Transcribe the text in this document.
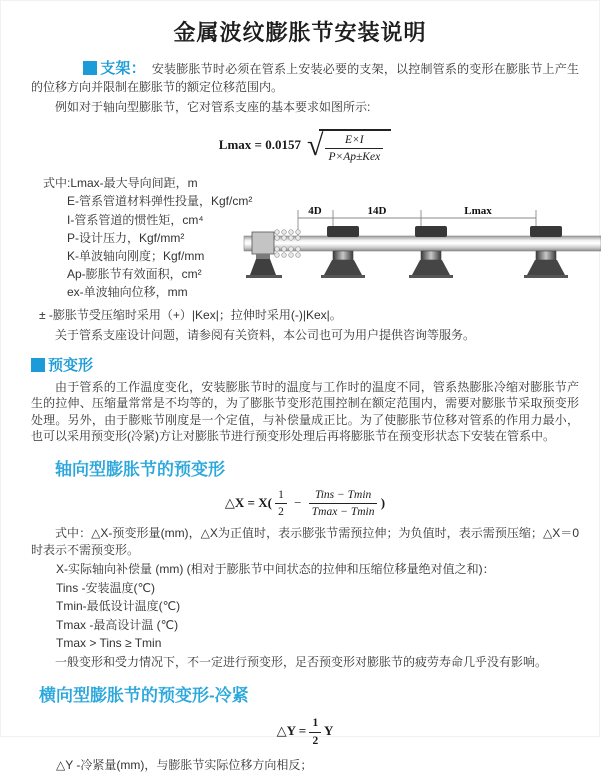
金属波纹膨胀节安装说明

支架： 安装膨胀节时必须在管系上安装必要的支架，以控制管系的变形在膨胀节上产生的位移方向并限制在膨胀节的额定位移范围内。

例如对于轴向型膨胀节，它对管系支座的基本要求如图所示:

Lmax = 0.0157 √ $\frac{E\times I}{\text{P×Ap±Kex}}$
式中:Lmax-最大导向间距，m
E-管系管道材料弹性投量，Kgf/cm²
I-管系管道的惯性矩，cm⁴
P-设计压力，Kgf/mm²
K-单波轴向刚度；Kgf/mm
Ap-膨胀节有效面积，cm²
ex-单波轴向位移，mm

± -膨胀节受压缩时采用（+）|Kex|；拉伸时采用(-)|Kex|。

关于管系支座设计问题，请参阅有关资料，本公司也可为用户提供咨询等服务。

4D	14D	Lmax
预变形

由于管系的工作温度变化，安装膨胀节时的温度与工作时的温度不同，管系热膨胀冷缩对膨胀节产生的拉伸、压缩量常常是不均等的，为了膨胀节变形范围控制在额定范围内，需要对膨胀节采取预变形处理。另外，由于膨账节刚度是一个定值，与补偿量成正比。为了使膨胀节位移对管系的作用力最小，也可以采用预变形(冷紧)方让对膨胀节进行预变形处理后再将膨胀节在预变形状态下安装在管系中。

轴向型膨胀节的预变形
△X = $X( \frac{1}{2} - \frac{\text{Tins − Tmin}}{Tmax - Tmin}$ )

式中：△X-预变形量(mm)，△X为正值时，表示膨张节需预拉伸；为负值时，表示需预压缩；△X＝0时表示不需预变形。

X-实际轴向补偿量 (mm) (相对于膨胀节中间状态的拉伸和压缩位移量绝对值之和)：
Tins -安装温度(℃)
Tmin-最低设计温度(℃)
Tmax -最高设计温 (℃)
Tmax > Tins ≥ Tmin

一般变形和受力情况下，不一定进行预变形，足否预变形对膨胀节的疲劳寿命几乎没有影响。

横向型膨胀节的预变形-冷紧
△Y = $\frac{1}{2}$ Y

△Y -冷紧量(mm)，与膨胀节实际位移方向相反；
